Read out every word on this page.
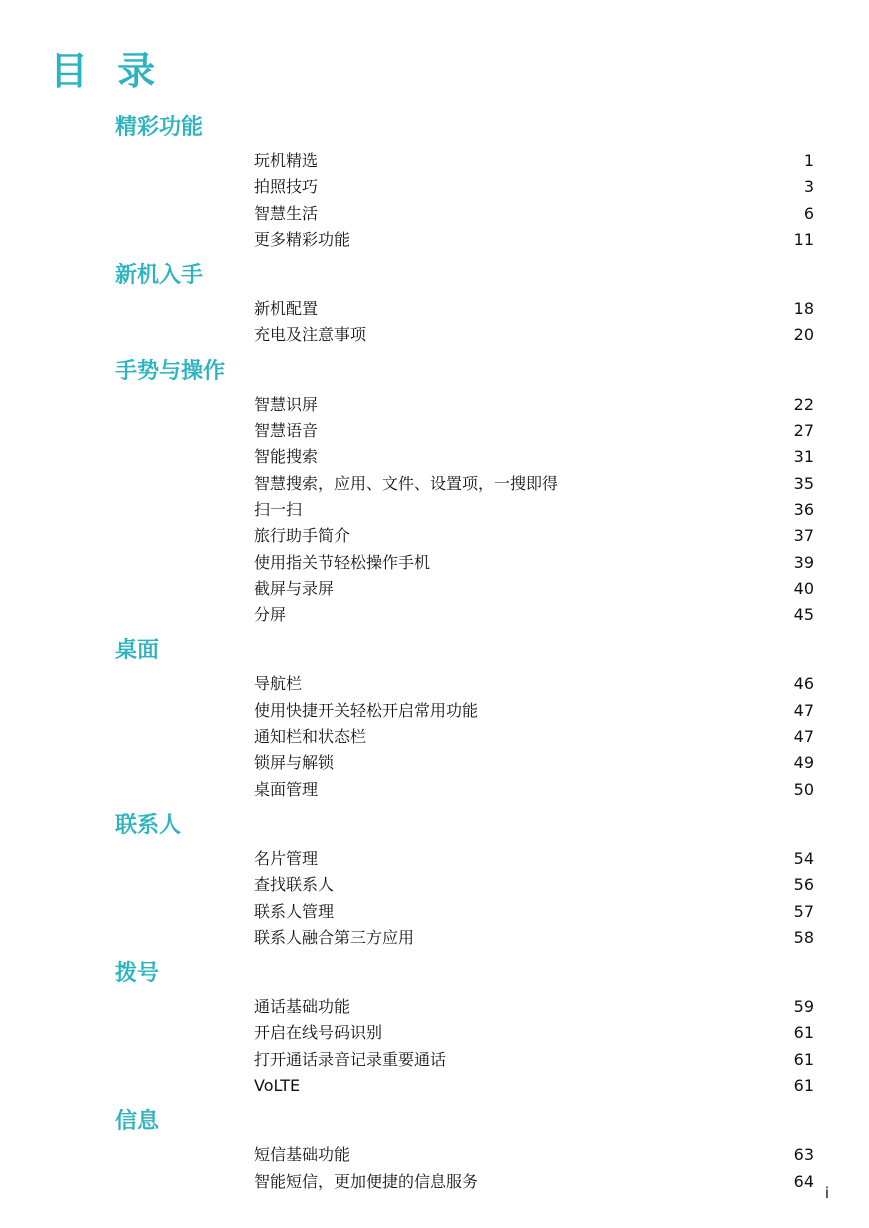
目 录
精彩功能
玩机精选	1
拍照技巧	3
智慧生活	6
更多精彩功能	11
新机入手
新机配置	18
充电及注意事项	20
手势与操作
智慧识屏	22
智慧语音	27
智能搜索	31
智慧搜索，应用、文件、设置项，一搜即得	35
扫一扫	36
旅行助手简介	37
使用指关节轻松操作手机	39
截屏与录屏	40
分屏	45
桌面
导航栏	46
使用快捷开关轻松开启常用功能	47
通知栏和状态栏	47
锁屏与解锁	49
桌面管理	50
联系人
名片管理	54
查找联系人	56
联系人管理	57
联系人融合第三方应用	58
拨号
通话基础功能	59
开启在线号码识别	61
打开通话录音记录重要通话	61
VoLTE	61
信息
短信基础功能	63
智能短信，更加便捷的信息服务	64
i
